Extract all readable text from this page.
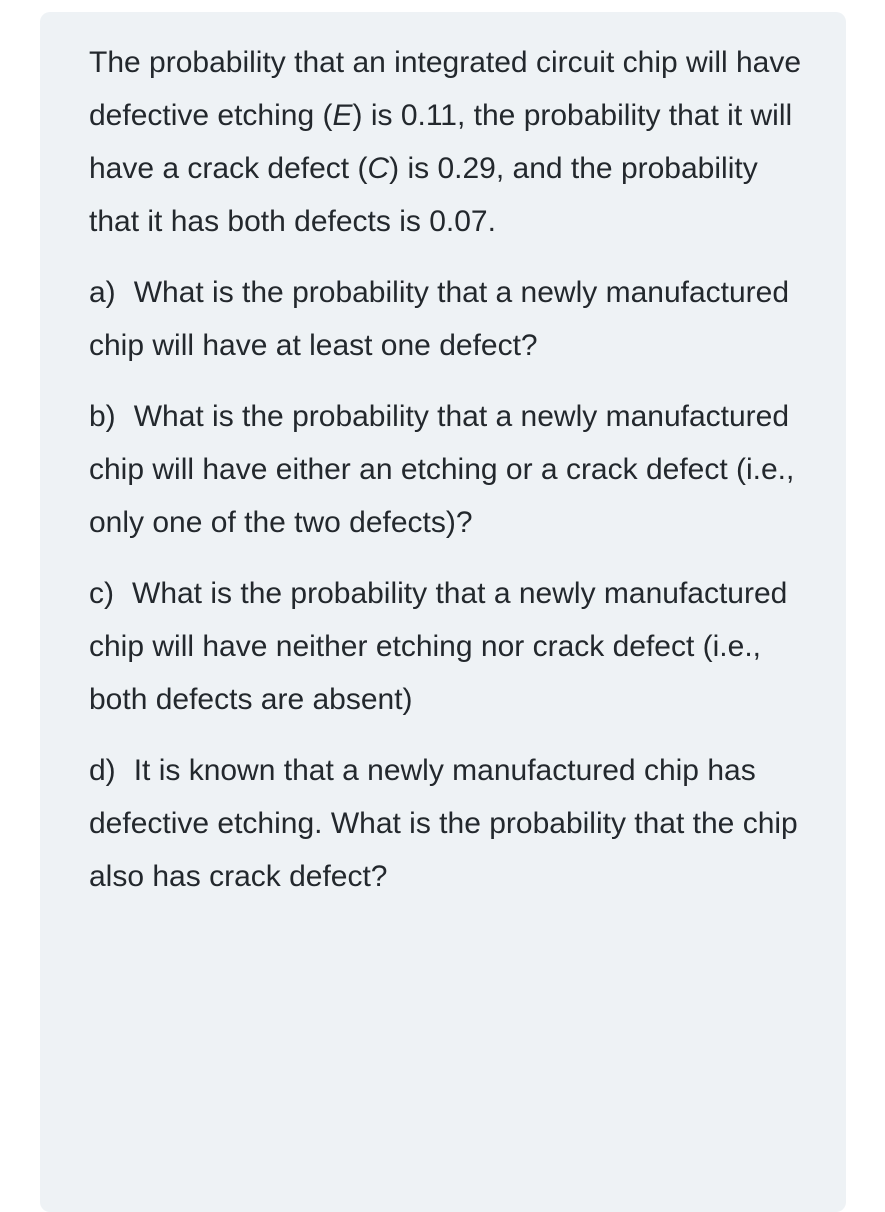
The probability that an integrated circuit chip will have defective etching (E) is 0.11, the probability that it will have a crack defect (C) is 0.29, and the probability that it has both defects is 0.07.

a) What is the probability that a newly manufactured chip will have at least one defect?

b) What is the probability that a newly manufactured chip will have either an etching or a crack defect (i.e., only one of the two defects)?

c) What is the probability that a newly manufactured chip will have neither etching nor crack defect (i.e., both defects are absent)

d) It is known that a newly manufactured chip has defective etching. What is the probability that the chip also has crack defect?
